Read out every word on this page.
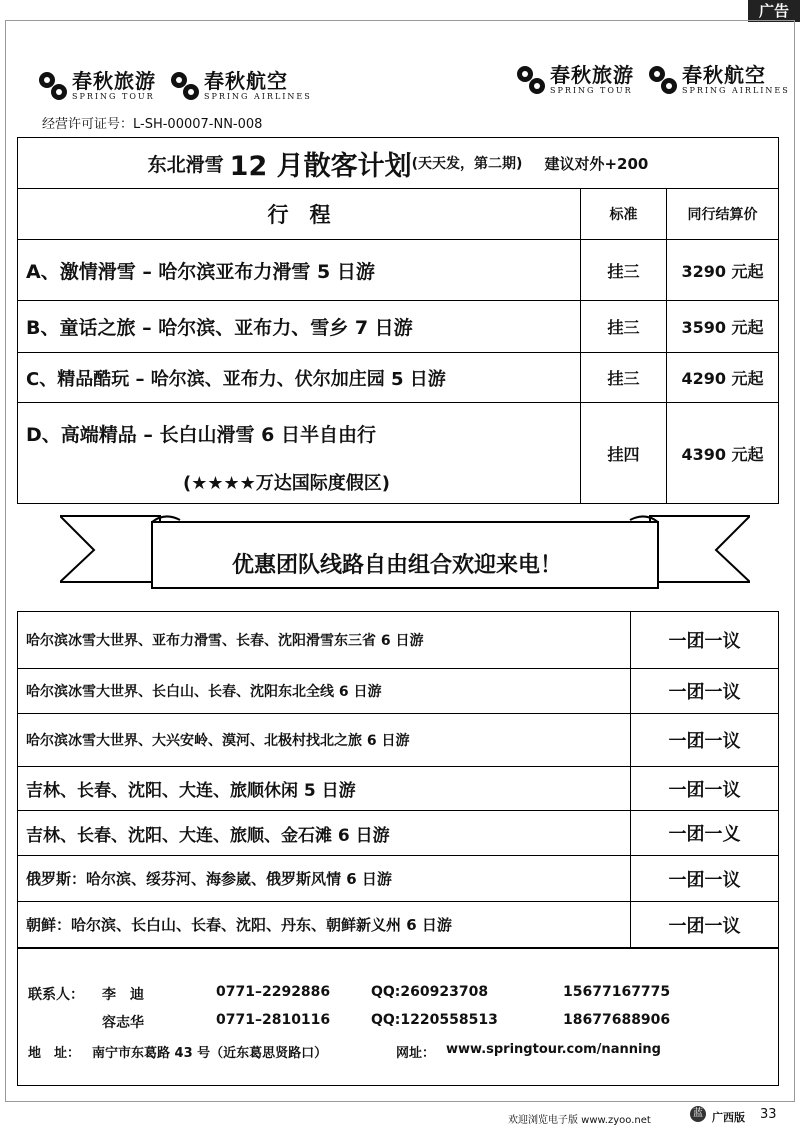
广告
春秋旅游
SPRING TOUR
春秋航空
SPRING AIRLINES
春秋旅游
SPRING TOUR
春秋航空
SPRING AIRLINES
经营许可证号：L-SH-00007-NN-008
东北滑雪 12 月散客计划 (天天发，第二期) 建议对外+200
行　程	标准	同行结算价
A、激情滑雪 – 哈尔滨亚布力滑雪 5 日游	挂三	3290 元起
B、童话之旅 – 哈尔滨、亚布力、雪乡 7 日游	挂三	3590 元起
C、精品酷玩 – 哈尔滨、亚布力、伏尔加庄园 5 日游	挂三	4290 元起
D、高端精品 – 长白山滑雪 6 日半自由行
(★★★★万达国际度假区)
挂四	4390 元起
优惠团队线路自由组合欢迎来电！
哈尔滨冰雪大世界、亚布力滑雪、长春、沈阳滑雪东三省 6 日游	一团一议
哈尔滨冰雪大世界、长白山、长春、沈阳东北全线 6 日游	一团一议
哈尔滨冰雪大世界、大兴安岭、漠河、北极村找北之旅 6 日游	一团一议
吉林、长春、沈阳、大连、旅顺休闲 5 日游	一团一议
吉林、长春、沈阳、大连、旅顺、金石滩 6 日游	一团一义
俄罗斯：哈尔滨、绥芬河、海参崴、俄罗斯风情 6 日游	一团一议
朝鲜：哈尔滨、长白山、长春、沈阳、丹东、朝鲜新义州 6 日游	一团一议
联系人： 李　迪	0771–2292886	QQ:260923708	15677167775
容志华	0771–2810116	QQ:1220558513	18677688906
地　址： 南宁市东葛路 43 号（近东葛思贤路口）	网址： www.springtour.com/nanning
欢迎浏览电子版 www.zyoo.net
蓝 广西版 33
